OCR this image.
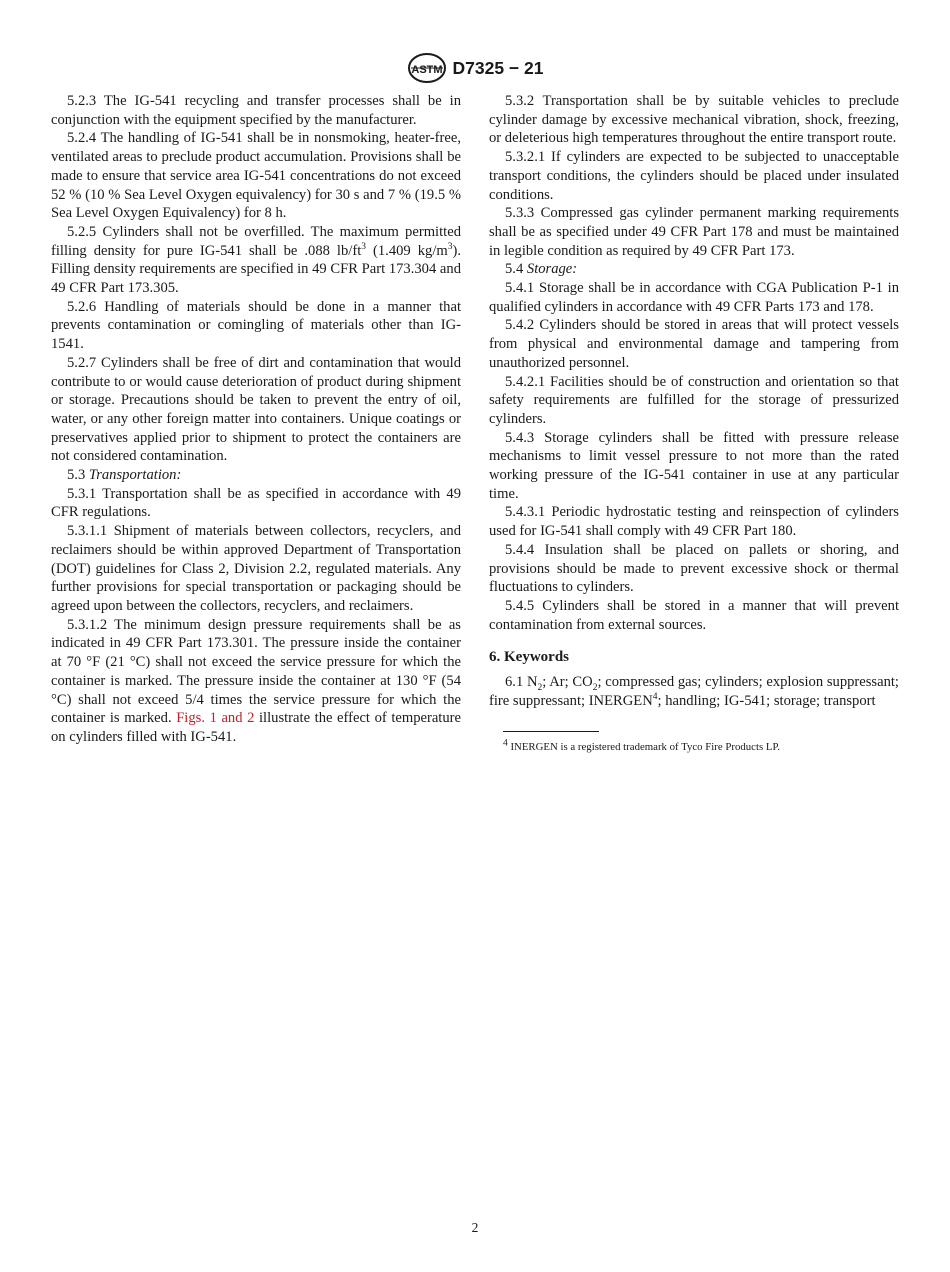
ASTM D7325 − 21

5.2.3 The IG-541 recycling and transfer processes shall be in conjunction with the equipment specified by the manufacturer.

5.2.4 The handling of IG-541 shall be in nonsmoking, heater-free, ventilated areas to preclude product accumulation. Provisions shall be made to ensure that service area IG-541 concentrations do not exceed 52 % (10 % Sea Level Oxygen equivalency) for 30 s and 7 % (19.5 % Sea Level Oxygen Equivalency) for 8 h.

5.2.5 Cylinders shall not be overfilled. The maximum permitted filling density for pure IG-541 shall be .088 $lb/ft^3$ (1.409 $kg/m^3$). Filling density requirements are specified in 49 CFR Part 173.304 and 49 CFR Part 173.305.

5.2.6 Handling of materials should be done in a manner that prevents contamination or comingling of materials other than IG-1541.

5.2.7 Cylinders shall be free of dirt and contamination that would contribute to or would cause deterioration of product during shipment or storage. Precautions should be taken to prevent the entry of oil, water, or any other foreign matter into containers. Unique coatings or preservatives applied prior to shipment to protect the containers are not considered contamination.

5.3 Transportation:

5.3.1 Transportation shall be as specified in accordance with 49 CFR regulations.

5.3.1.1 Shipment of materials between collectors, recyclers, and reclaimers should be within approved Department of Transportation (DOT) guidelines for Class 2, Division 2.2, regulated materials. Any further provisions for special transportation or packaging should be agreed upon between the collectors, recyclers, and reclaimers.

5.3.1.2 The minimum design pressure requirements shall be as indicated in 49 CFR Part 173.301. The pressure inside the container at 70 °F (21 °C) shall not exceed the service pressure for which the container is marked. The pressure inside the container at 130 °F (54 °C) shall not exceed 5/4 times the service pressure for which the container is marked. Figs. 1 and 2 illustrate the effect of temperature on cylinders filled with IG-541.

5.3.2 Transportation shall be by suitable vehicles to preclude cylinder damage by excessive mechanical vibration, shock, freezing, or deleterious high temperatures throughout the entire transport route.

5.3.2.1 If cylinders are expected to be subjected to unacceptable transport conditions, the cylinders should be placed under insulated conditions.

5.3.3 Compressed gas cylinder permanent marking requirements shall be as specified under 49 CFR Part 178 and must be maintained in legible condition as required by 49 CFR Part 173.

5.4 Storage:

5.4.1 Storage shall be in accordance with CGA Publication P-1 in qualified cylinders in accordance with 49 CFR Parts 173 and 178.

5.4.2 Cylinders should be stored in areas that will protect vessels from physical and environmental damage and tampering from unauthorized personnel.

5.4.2.1 Facilities should be of construction and orientation so that safety requirements are fulfilled for the storage of pressurized cylinders.

5.4.3 Storage cylinders shall be fitted with pressure release mechanisms to limit vessel pressure to not more than the rated working pressure of the IG-541 container in use at any particular time.

5.4.3.1 Periodic hydrostatic testing and reinspection of cylinders used for IG-541 shall comply with 49 CFR Part 180.

5.4.4 Insulation shall be placed on pallets or shoring, and provisions should be made to prevent excessive shock or thermal fluctuations to cylinders.

5.4.5 Cylinders shall be stored in a manner that will prevent contamination from external sources.

6. Keywords

6.1 $N_2$; Ar; $CO_2$; compressed gas; cylinders; explosion suppressant; fire suppressant; INERGEN$^4$; handling; IG-541; storage; transport

$^4$ INERGEN is a registered trademark of Tyco Fire Products LP.
2
